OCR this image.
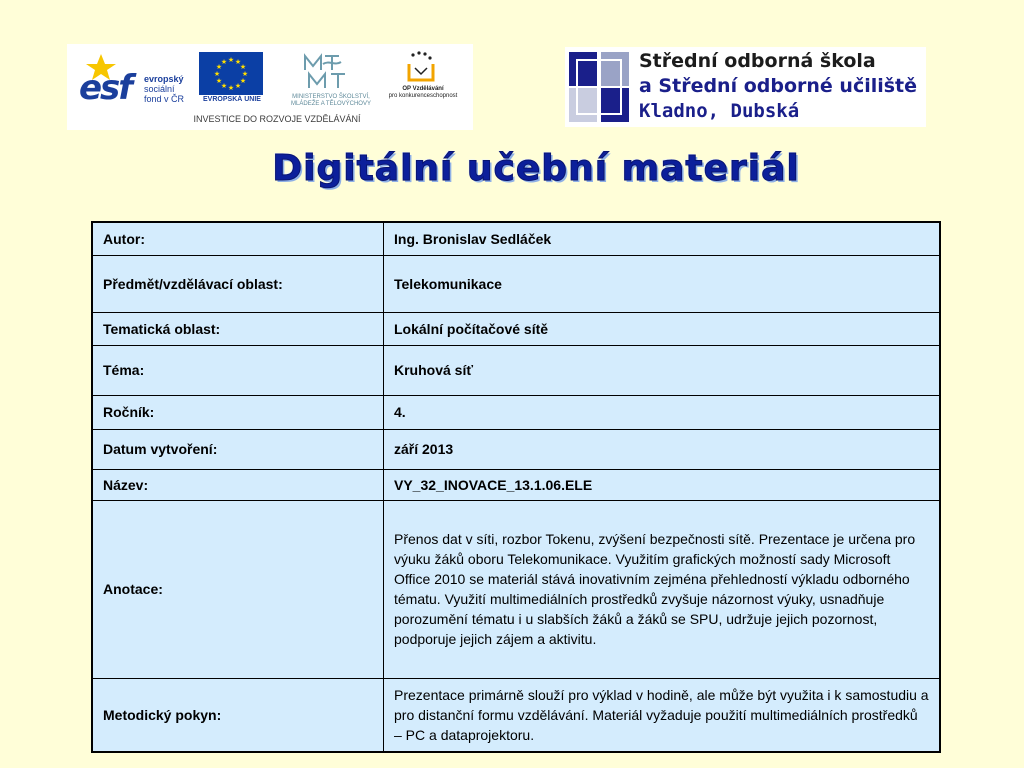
esf evropský
sociální
fond v ČR
★ ★
★
★
★
★
★
★
★
★
★
★
EVROPSKÁ UNIE	MINISTERSTVO ŠKOLSTVÍ, MLÁDEŽE A TĚLOVÝCHOVY
OP Vzdělávání
pro konkurenceschopnost
INVESTICE DO ROZVOJE VZDĚLÁVÁNÍ
Střední odborná škola
a Střední odborné učiliště
Kladno, Dubská
Digitální učební materiál
Autor:	Ing. Bronislav Sedláček
Předmět/vzdělávací oblast:	Telekomunikace
Tematická oblast:	Lokální počítačové sítě
Téma:	Kruhová síť
Ročník:	4.
Datum vytvoření:	září 2013
Název:	VY_32_INOVACE_13.1.06.ELE
Anotace:	Přenos dat v síti, rozbor Tokenu, zvýšení bezpečnosti sítě. Prezentace je určena pro výuku žáků oboru Telekomunikace. Využitím grafických možností sady Microsoft Office 2010 se materiál stává inovativním zejména přehledností výkladu odborného tématu. Využití multimediálních prostředků zvyšuje názornost výuky, usnadňuje porozumění tématu i u slabších žáků a žáků se SPU, udržuje jejich pozornost, podporuje jejich zájem a aktivitu.
Metodický pokyn:	Prezentace primárně slouží pro výklad v hodině, ale může být využita i k samostudiu a pro distanční formu vzdělávání. Materiál vyžaduje použití multimediálních prostředků – PC a dataprojektoru.
